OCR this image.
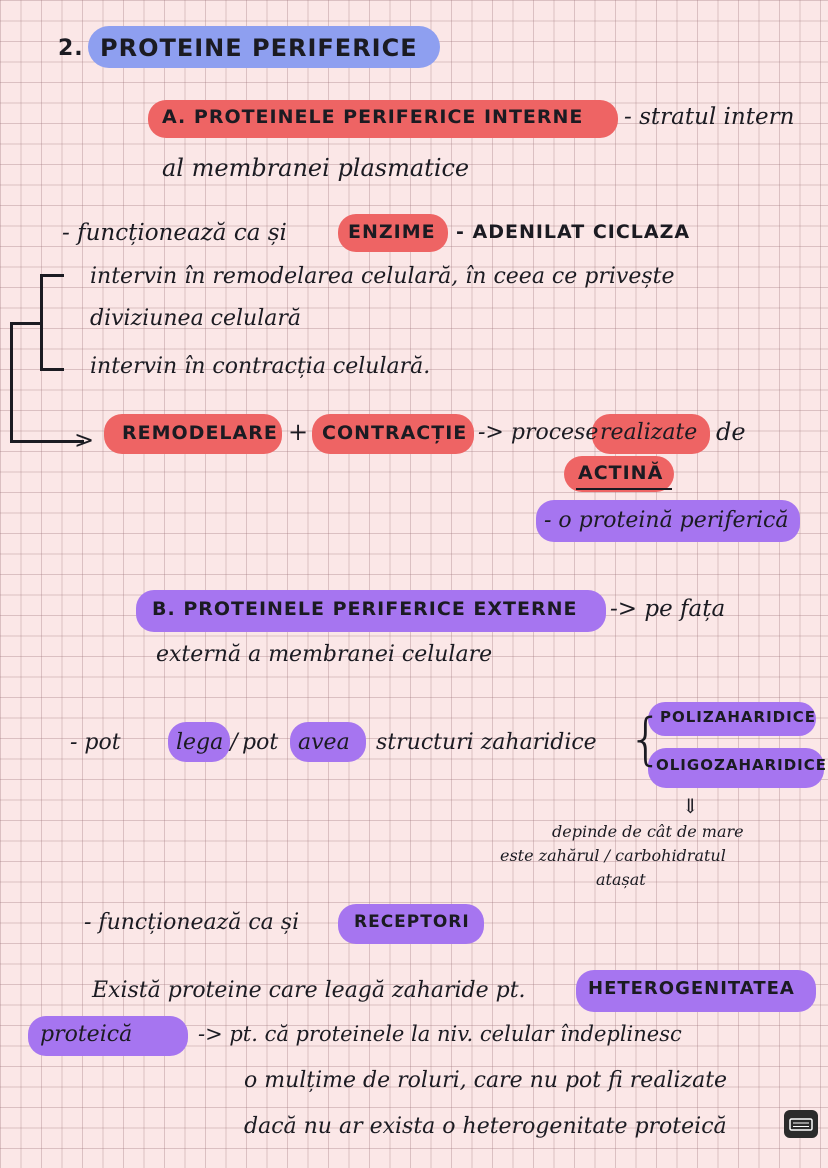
>
2. PROTEINE PERIFERICE
A. PROTEINELE PERIFERICE INTERNE - stratul intern
al membranei plasmatice
- funcționează ca și	ENZIME - ADENILAT CICLAZA
intervin în remodelarea celulară, în ceea ce privește
diviziunea celulară
intervin în contracția celulară.
REMODELARE + CONTRACȚIE -> procese realizate de
ACTINĂ
- o proteină periferică
B. PROTEINELE PERIFERICE EXTERNE -> pe fața
externă a membranei celulare
- pot	lega / pot avea structuri zaharidice {
POLIZAHARIDICE
OLIGOZAHARIDICE
⇓
depinde de cât de mare
este zahărul / carbohidratul
atașat
- funcționează ca și	RECEPTORI
Există proteine care leagă zaharide pt.	HETEROGENITATEA
proteică	-> pt. că proteinele la niv. celular îndeplinesc
o mulțime de roluri, care nu pot fi realizate
dacă nu ar exista o heterogenitate proteică
